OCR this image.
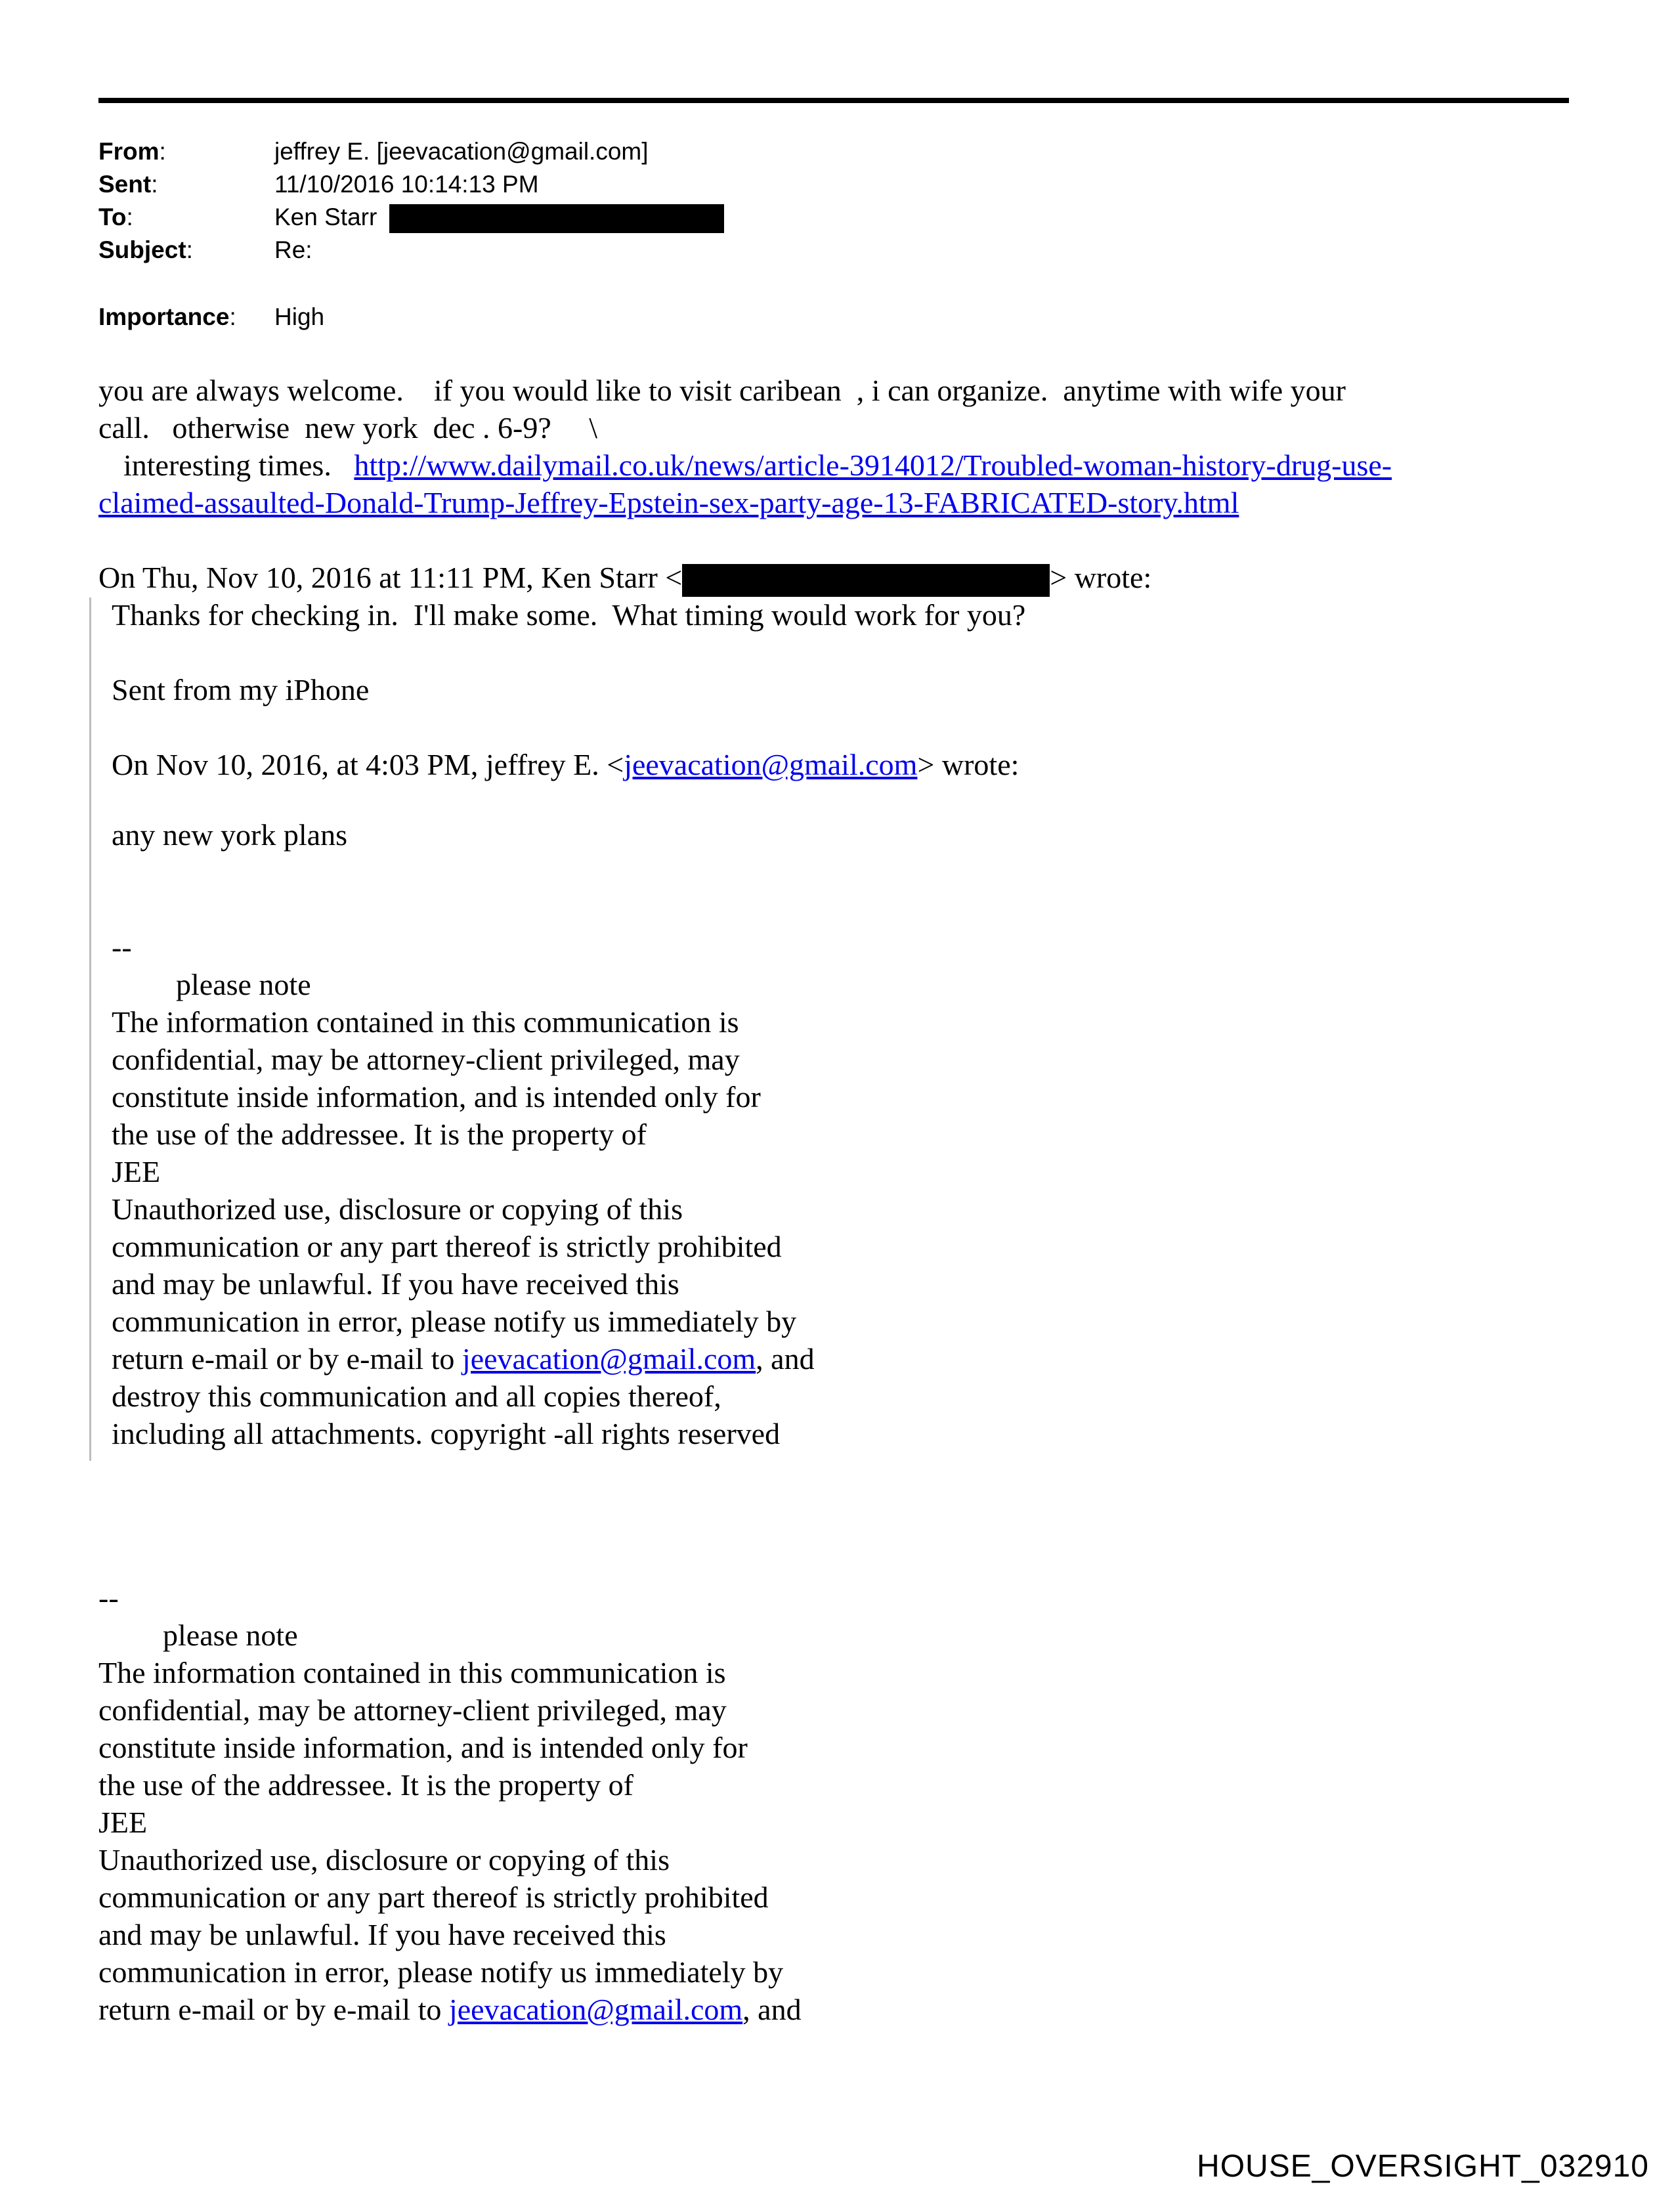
From:	jeffrey E. [jeevacation@gmail.com]
Sent:	11/10/2016 10:14:13 PM
To:	Ken Starr
Subject:	Re:
Importance: High
you are always welcome.    if you would like to visit caribean  , i can organize.  anytime with wife your
call.   otherwise  new york  dec . 6-9?     \
interesting times.   http://www.dailymail.co.uk/news/article-3914012/Troubled-woman-history-drug-use-
claimed-assaulted-Donald-Trump-Jeffrey-Epstein-sex-party-age-13-FABRICATED-story.html
On Thu, Nov 10, 2016 at 11:11 PM, Ken Starr <	> wrote:
Thanks for checking in.  I'll make some.  What timing would work for you?
Sent from my iPhone
On Nov 10, 2016, at 4:03 PM, jeffrey E. <jeevacation@gmail.com> wrote:
any new york plans
--
please note
The information contained in this communication is
confidential, may be attorney-client privileged, may
constitute inside information, and is intended only for
the use of the addressee. It is the property of
JEE
Unauthorized use, disclosure or copying of this
communication or any part thereof is strictly prohibited
and may be unlawful. If you have received this
communication in error, please notify us immediately by
return e-mail or by e-mail to jeevacation@gmail.com, and
destroy this communication and all copies thereof,
including all attachments. copyright -all rights reserved
--
please note
The information contained in this communication is
confidential, may be attorney-client privileged, may
constitute inside information, and is intended only for
the use of the addressee. It is the property of
JEE
Unauthorized use, disclosure or copying of this
communication or any part thereof is strictly prohibited
and may be unlawful. If you have received this
communication in error, please notify us immediately by
return e-mail or by e-mail to jeevacation@gmail.com, and
HOUSE_OVERSIGHT_032910
